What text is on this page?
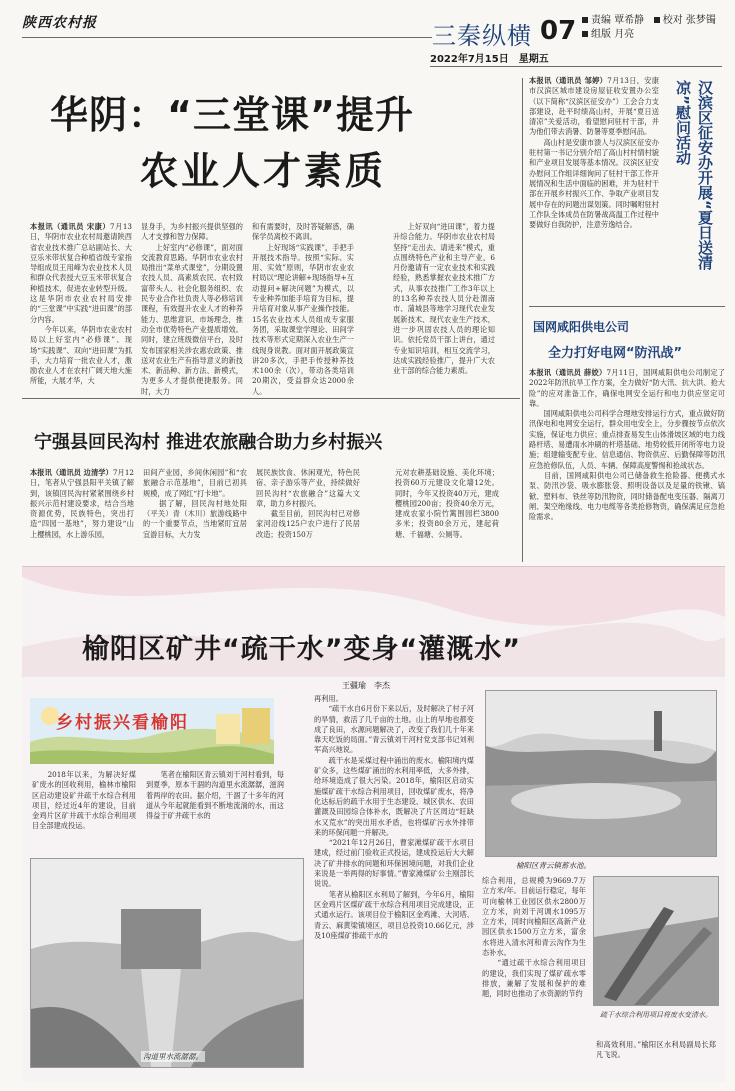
陕西农村报	三秦纵横 07
2022年7月15日　星期五
责编 覃希静 校对 张梦镯
组版 月亮
华阴：“三堂课”提升
农业人才素质
本报讯（通讯员 宋康）7月13日，华阴市农业农村局邀请陕西省农业技术推广总站副站长、大豆乐米带状复合种植省级专家指导组成员王用峰为农业技术人员和群众代表授大豆玉米带状复合种植技术，促进农业转型升级。这是华阴市农业农村局安排的“三堂课”中实践“进田课”的部分内容。
　　今年以来，华阴市农业农村局以上好室内“必修课”、现场“实践课”、双向“进田课”为抓手，大力培育一批农业人才，激励农业人才在农村广阔天地大施所能，大展才华，大
显身手，为乡村振兴提供坚强的人才支撑和智力保障。
　　上好室内“必修课”，面对面交流教育思路。华阴市农业农村局推出“菜单式课堂”，分期设置农技人员、高素质农民、农村致富带头人、社会化服务组织、农民专业合作社负责人等必修培训课程，有效提升农业人才的种养能力、思维意识、市场理念，推动全市优势特色产业提质增效。同时，建立班级微信平台，及时发布国家相关涉农惠农政策、推送对农业生产有指导意义的新技术、新品种、新方法、新模式，为更多人才提供便捷服务。同时，大力
和有需要时，及时答疑解惑，确保学员离校不离训。
　　上好现场“实践课”，手把手开展技术指导。按照“实际、实用、实效”原则，华阴市农业农村局以“理论讲解+现场指导+互动提问+解决问题”为模式，以专业种养加能手培育为目标，提升培育对象从事产业操作技能。15名农业技术人员组成专家服务团，采取课堂学理论、田间学技术等形式定期深入农业生产一线现身说教。面对面开展政策宣讲20多次，手把手传授种养技术100余（次），带动各类培训20期次，受益群众达2000余人。
　　上好双向“进田课”，着力提升综合能力。华阴市农业农村局坚持“走出去、请进来”模式，重点围绕特色产业和主导产业，6月份邀请有一定农业技术和实践经验，熟悉掌握农业技术推广方式，从事农技推广工作3年以上的13名种养农技人员分赴渭南市、蒲城县等地学习现代农业发展新技术、现代农业生产技术，进一步巩固农技人员的理论知识。依托党员干部上讲台，通过专业知识培训，相互交流学习，达成实践经验推广，提升广大农业干部的综合能力素质。
宁强县回民沟村 推进农旅融合助力乡村振兴
本报讯（通讯员 边清学）7月12日，笔者从宁强县阳平关镇了解到，该镇回民沟村紧紧围绕乡村振兴示范村建设要求，结合当地资源优势，民族特色，突出打造“四园一基地”，努力建设“山上樱桃园，水上游乐园，
田间产业园，乡间休闲园”和“农旅融合示范基地”，目前已初具规模，成了网红“打卡地”。
　　据了解，回民沟村地处阳（平关）青（木川）旅游线路中的一个重要节点，当地紧盯宜居宜游目标，大力发
展民族饮食、休闲观光，特色民宿、亲子游乐等产业，持续做好回民沟村“农旅融合”这篇大文章，助力乡村振兴。
　　截至目前，回民沟村已对修家河沿线125户农户进行了民居改造；投资150万
元对农耕基础设施、美化环境；投资60万元建设文化墙12处。同时，今年又投资40万元，建成樱桃园200亩；投资40余万元，建成农家小院竹篱围园栏3800多米；投资80余万元，建起荷塘、千福塘、公厕等。
本报讯（通讯员 邹婷）7月13日，安康市汉滨区城市建设房屋征收安置办公室（以下简称“汉滨区征安办”）工会合力支部建设，赴平时绩高山村，开展“夏日送清凉”关爱活动，看望慰问驻村干部，并为他们带去消暑、防暑等夏季慰问品。
　　高山村是安康市溃人与汉滨区征安办驻村第一书记分别介绍了高山村村情村貌和产业项目发展等基本情况。汉滨区征安办慰问工作组详细询问了驻村干部工作开展情况和生活中面临的困难，并为驻村干部在开展乡村振兴工作、争取产业项目发展中存在的问题出谋划策。同时嘱咐驻村工作队全体成员在防暑战高温工作过程中要做好自我防护，注意劳逸结合。	汉滨区征安办开展“夏日送清凉”慰问活动
国网咸阳供电公司
全力打好电网“防汛战”
本报讯（通讯员 薛姣）7月11日，国网咸阳供电公司制定了2022年防汛抗旱工作方案，全力做好“防大汛、抗大洪、抢大险”的应对准备工作，确保电网安全运行和电力供应坚定可靠。
　　国网咸阳供电公司科学合理地安排运行方式，重点做好防汛保电和电网安全运行，群众用电安全上，分步骤按节点依次实施，保证电力供应；重点排查易发生山体滑坡区域的电力线路杆塔、易遭雨水冲刷的杆塔基础、地势较低开闭所等电力设施；组建输变配专业、信息通信、物资供应、后勤保障等防汛应急抢修队伍，人员、车辆、保障高度警惕和抢战状态。
　　目前，国网咸阳供电公司已储备救生抢险器、便携式水泵、防汛沙袋、吸水膨胀袋、照明设备以及足量的铁锹、镐锨、塑料布、铁丝等防汛物资，同时储备配电变压器、隔离刀闸、架空绝缘线、电力电缆等各类抢修物资，确保满足应急抢险需求。
榆阳区矿井“疏干水”变身“灌溉水”
王疆瑜　李杰
乡村振兴看榆阳
榆阳区青云镇蓄水池。
疏干水综合利用项目将废水变清水。
沟道里水流潺潺。
　　2018年以来，为解决好煤矿废水的回收利用，榆林市榆阳区启动建设矿井疏干水综合利用项目，经过近4年的建设，目前金鸡片区矿井疏干水综合利用项目全部建成投运。
　　笔者在榆阳区青云镇刘干河村看到，每到夏季，原本干涸的沟道里水流潺潺，滋润着两岸的农田。据介绍，干涸了十多年的河道从今年起就能看到不断地流淌的水，而这得益于矿井疏干水的
再利用。
　　“疏干水自6月份下来以后，及时解决了村子河的旱情，救活了几千亩的土地。山上的旱地也都变成了良田，水源问题解决了，改变了我们几十年来靠天吃饭的局面。”青云镇刘干河村党支部书记刘利军高兴地说。
　　疏干水是采煤过程中涌出的废水。榆阳境内煤矿众多，这些煤矿涌出的水利用率低，大多外排，给环境造成了很大污染。2018年，榆阳区启动实施煤矿疏干水综合利用项目，回收煤矿废水，将净化达标后的疏干水用于生态建设、城区供水、农田灌溉及田园综合体补水，既解决了片区周边“旺缺水又荒水”的突出用水矛盾，也将煤矿污水外排带来的环保问题一并解决。
　　“2021年12月26日，曹家滩煤矿疏干水项目建成，经过前门验收正式投运，建成投运后大大解决了矿井排水的问题和环保困境问题，对我们企业来说是一举两得的好事情。”曹家滩煤矿公主刚部长说说。
　　笔者从榆阳区水利局了解到，今年6月，榆阳区金鸡片区煤矿疏干水综合利用项目完成建设，正式通水运行。该项目位于榆阳区金鸡滩、大河塔、青云、麻黄梁镇境区，项目总投资10.66亿元，涉及10座煤矿排疏干水的
综合利用，总规模为9669.7万立方米/年。目前运行稳定，每年可向榆林工业园区供水2800万立方米，向刘干河调水1095万立方米，同时向榆阳区高新产业园区供水1500万立方米，富余水将进入清水河和青云沟作为生态补水。
　　“通过疏干水综合利用项目的建设，我们实现了煤矿疏水零排放，兼解了发展和保护的难题，同时也推动了水资源的节约
和高效利用。”榆阳区水利局副局长郑凡飞说。
